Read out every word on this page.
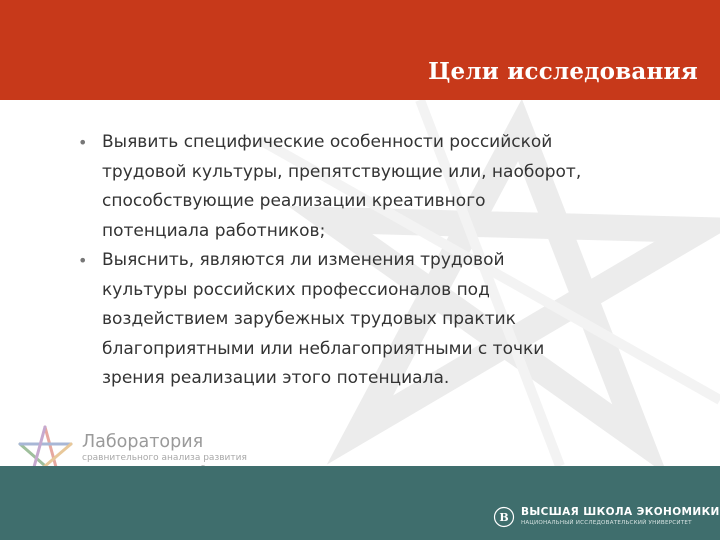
Цели исследования
• Выявить специфические особенности российской
трудовой культуры, препятствующие или, наоборот,
способствующие реализации креативного
потенциала работников;
• Выяснить, являются ли изменения трудовой
культуры российских профессионалов под
воздействием зарубежных трудовых практик
благоприятными или неблагоприятными с точки
зрения реализации этого потенциала.
Лаборатория
сравнительного анализа развития
В ВЫСШАЯ ШКОЛА ЭКОНОМИКИ
НАЦИОНАЛЬНЫЙ ИССЛЕДОВАТЕЛЬСКИЙ УНИВЕРСИТЕТ
